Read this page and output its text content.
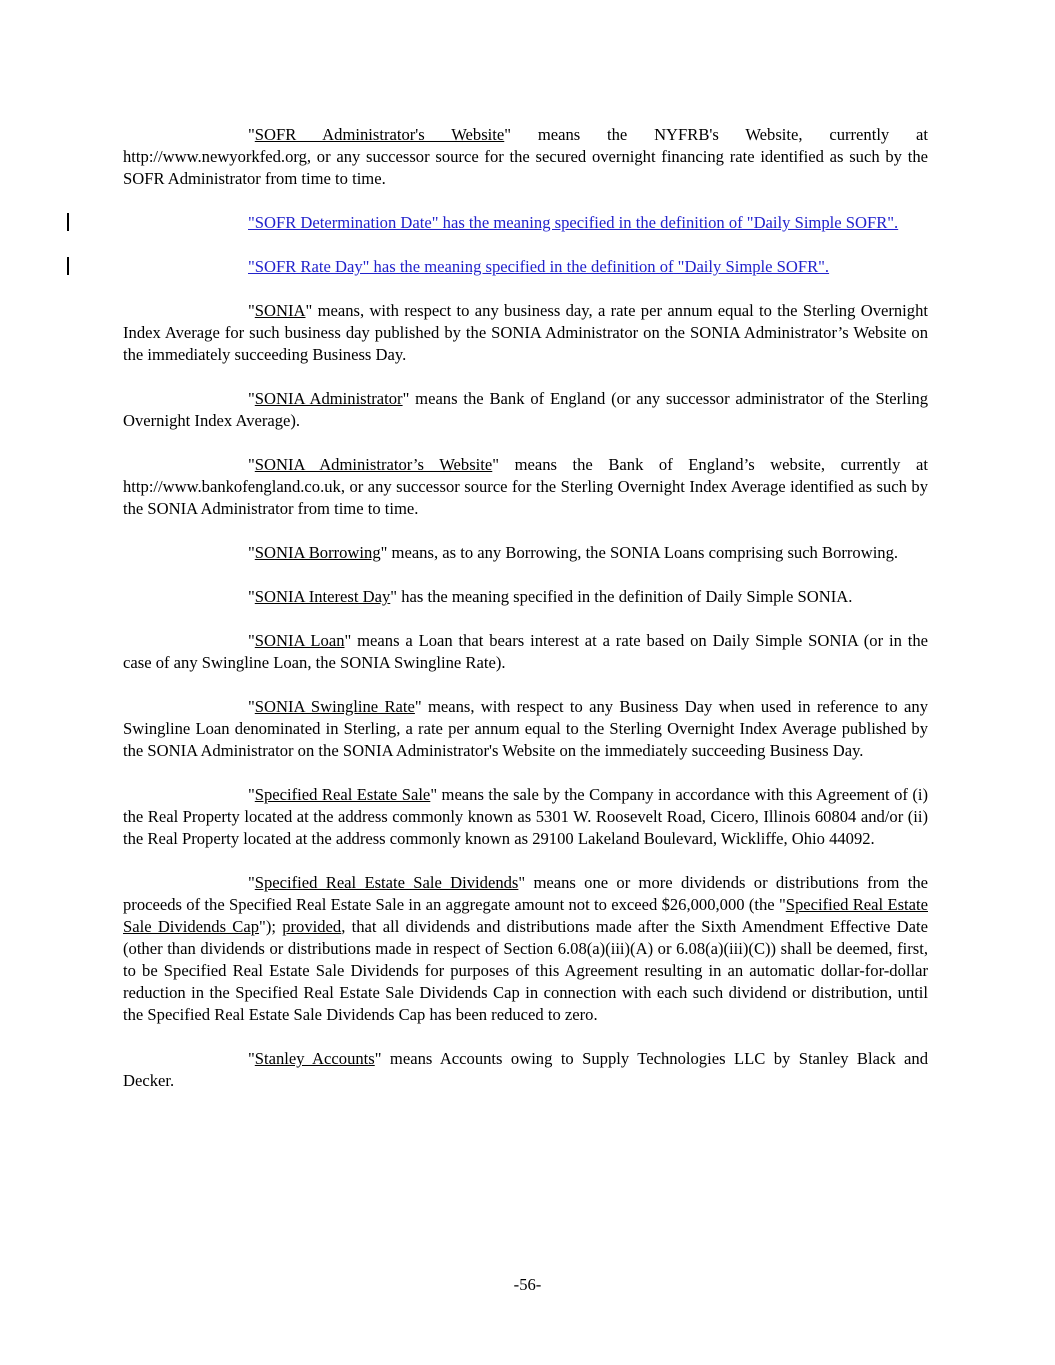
"SOFR Administrator's Website" means the NYFRB's Website, currently at http://www.newyorkfed.org, or any successor source for the secured overnight financing rate identified as such by the SOFR Administrator from time to time.
"SOFR Determination Date" has the meaning specified in the definition of "Daily Simple SOFR".
"SOFR Rate Day" has the meaning specified in the definition of "Daily Simple SOFR".
"SONIA" means, with respect to any business day, a rate per annum equal to the Sterling Overnight Index Average for such business day published by the SONIA Administrator on the SONIA Administrator’s Website on the immediately succeeding Business Day.
"SONIA Administrator" means the Bank of England (or any successor administrator of the Sterling Overnight Index Average).
"SONIA Administrator’s Website" means the Bank of England’s website, currently at http://www.bankofengland.co.uk, or any successor source for the Sterling Overnight Index Average identified as such by the SONIA Administrator from time to time.
"SONIA Borrowing" means, as to any Borrowing, the SONIA Loans comprising such Borrowing.
"SONIA Interest Day" has the meaning specified in the definition of Daily Simple SONIA.
"SONIA Loan" means a Loan that bears interest at a rate based on Daily Simple SONIA (or in the case of any Swingline Loan, the SONIA Swingline Rate).
"SONIA Swingline Rate" means, with respect to any Business Day when used in reference to any Swingline Loan denominated in Sterling, a rate per annum equal to the Sterling Overnight Index Average published by the SONIA Administrator on the SONIA Administrator's Website on the immediately succeeding Business Day.
"Specified Real Estate Sale" means the sale by the Company in accordance with this Agreement of (i) the Real Property located at the address commonly known as 5301 W. Roosevelt Road, Cicero, Illinois 60804 and/or (ii) the Real Property located at the address commonly known as 29100 Lakeland Boulevard, Wickliffe, Ohio 44092.
"Specified Real Estate Sale Dividends" means one or more dividends or distributions from the proceeds of the Specified Real Estate Sale in an aggregate amount not to exceed $26,000,000 (the "Specified Real Estate Sale Dividends Cap"); provided, that all dividends and distributions made after the Sixth Amendment Effective Date (other than dividends or distributions made in respect of Section 6.08(a)(iii)(A) or 6.08(a)(iii)(C)) shall be deemed, first, to be Specified Real Estate Sale Dividends for purposes of this Agreement resulting in an automatic dollar-for-dollar reduction in the Specified Real Estate Sale Dividends Cap in connection with each such dividend or distribution, until the Specified Real Estate Sale Dividends Cap has been reduced to zero.
"Stanley Accounts" means Accounts owing to Supply Technologies LLC by Stanley Black and Decker.
-56-
